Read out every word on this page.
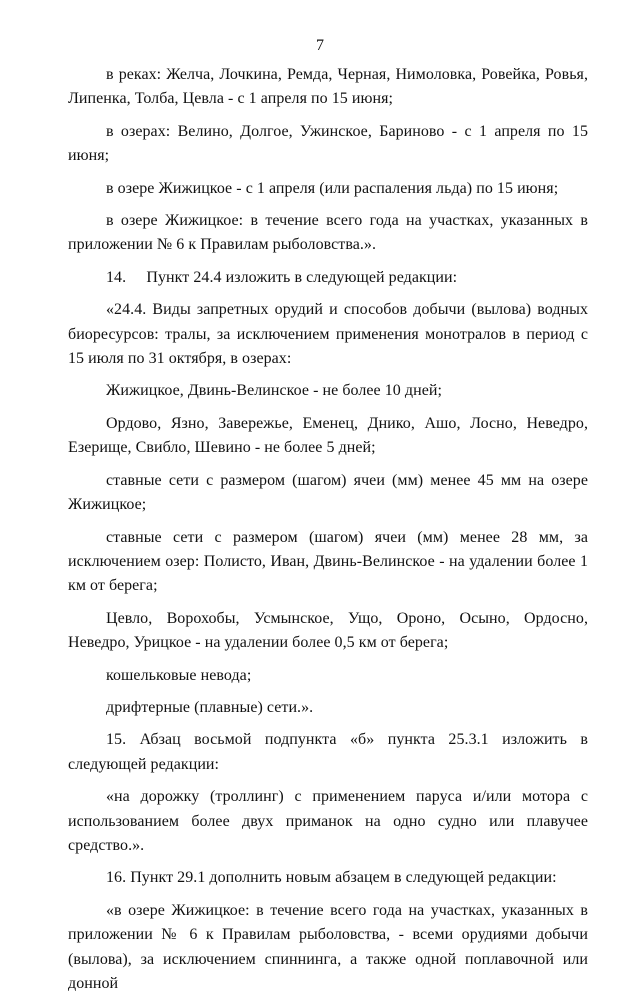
7

в реках: Желча, Лочкина, Ремда, Черная, Нимоловка, Ровейка, Ровья, Липенка, Толба, Цевла - с 1 апреля по 15 июня;

в озерах: Велино, Долгое, Ужинское, Бариново - с 1 апреля по 15 июня;

в озере Жижицкое - с 1 апреля (или распаления льда) по 15 июня;

в озере Жижицкое: в течение всего года на участках, указанных в приложении № 6 к Правилам рыболовства.».

14.     Пункт 24.4 изложить в следующей редакции:

«24.4. Виды запретных орудий и способов добычи (вылова) водных биоресурсов: тралы, за исключением применения монотралов в период с 15 июля по 31 октября, в озерах:

Жижицкое, Двинь-Велинское - не более 10 дней;

Ордово, Язно, Завережье, Еменец, Днико, Ашо, Лосно, Неведро, Езерище, Свибло, Шевино - не более 5 дней;

ставные сети с размером (шагом) ячеи (мм) менее 45 мм на озере Жижицкое;

ставные сети с размером (шагом) ячеи (мм) менее 28 мм, за исключением озер: Полисто, Иван, Двинь-Велинское - на удалении более 1 км от берега;

Цевло, Ворохобы, Усмынское, Ущо, Ороно, Осыно, Ордосно, Неведро, Урицкое - на удалении более 0,5 км от берега;

кошельковые невода;

дрифтерные (плавные) сети.».

15. Абзац восьмой подпункта «б» пункта 25.3.1 изложить в следующей редакции:

«на дорожку (троллинг) с применением паруса и/или мотора с использованием более двух приманок на одно судно или плавучее средство.».

16. Пункт 29.1 дополнить новым абзацем в следующей редакции:

«в озере Жижицкое: в течение всего года на участках, указанных в приложении № 6 к Правилам рыболовства, - всеми орудиями добычи (вылова), за исключением спиннинга, а также одной поплавочной или донной
